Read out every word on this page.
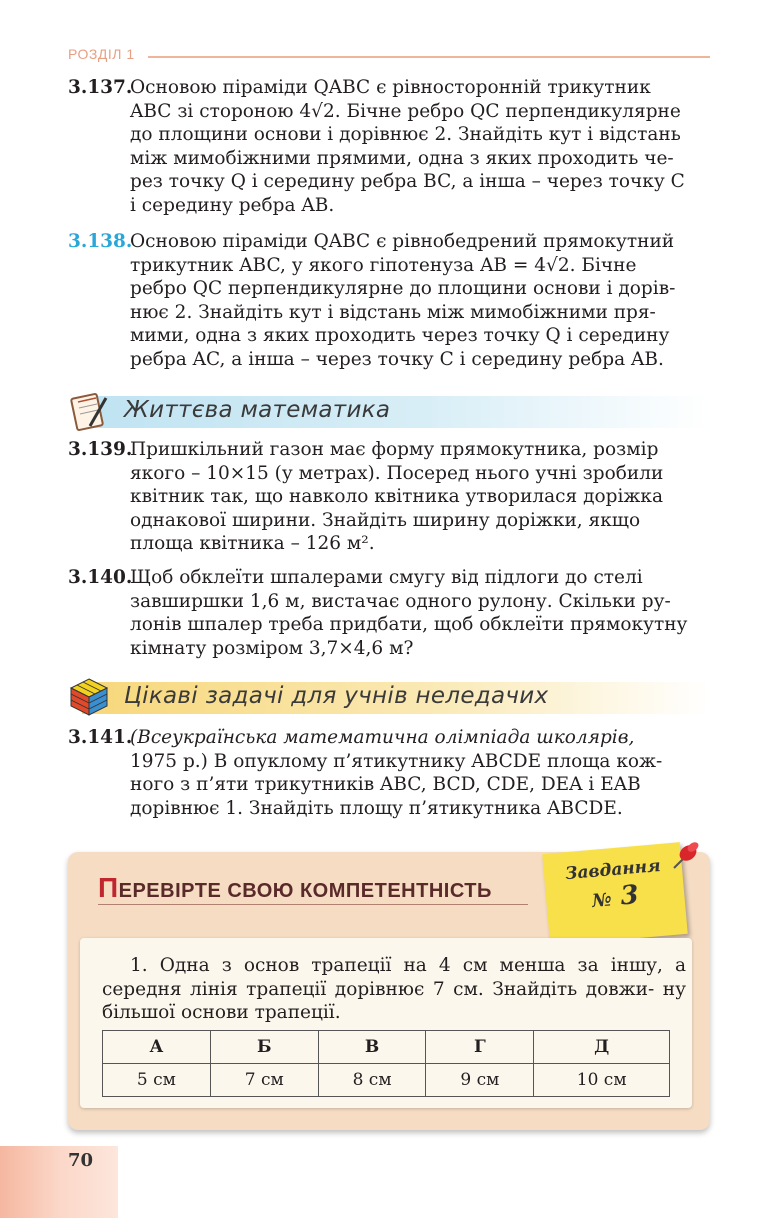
РОЗДІЛ 1
3.137.
Основою піраміди QABC є рівносторонній трикутник
ABC зі стороною 4√2. Бічне ребро QC перпендикулярне
до площини основи і дорівнює 2. Знайдіть кут і відстань
між мимобіжними прямими, одна з яких проходить че-
рез точку Q і середину ребра BC, а інша – через точку C
і середину ребра AB.
3.138.
Основою піраміди QABC є рівнобедрений прямокутний
трикутник ABC, у якого гіпотенуза AB = 4√2. Бічне
ребро QC перпендикулярне до площини основи і дорів-
нює 2. Знайдіть кут і відстань між мимобіжними пря-
мими, одна з яких проходить через точку Q і середину
ребра AC, а інша – через точку C і середину ребра AB.
Життєва математика
3.139.
Пришкільний газон має форму прямокутника, розмір
якого – 10×15 (у метрах). Посеред нього учні зробили
квітник так, що навколо квітника утворилася доріжка
однакової ширини. Знайдіть ширину доріжки, якщо
площа квітника – 126 м².
3.140.
Щоб обклеїти шпалерами смугу від підлоги до стелі
завширшки 1,6 м, вистачає одного рулону. Скільки ру-
лонів шпалер треба придбати, щоб обклеїти прямокутну
кімнату розміром 3,7×4,6 м?
Цікаві задачі для учнів неледачих
3.141.
(Всеукраїнська математична олімпіада школярів,
1975 р.) В опуклому п’ятикутнику ABCDE площа кож-
ного з п’яти трикутників ABC, BCD, CDE, DEA і EAB
дорівнює 1. Знайдіть площу п’ятикутника ABCDE.
ПЕРЕВІРТЕ СВОЮ КОМПЕТЕНТНІСТЬ
Завдання
№ 3
1. Одна з основ трапеції на 4 см менша за іншу, а середня лінія трапеції дорівнює 7 см. Знайдіть довжи- ну більшої основи трапеції.
А	Б	В	Г	Д
5 см	7 см	8 см	9 см	10 см
70
